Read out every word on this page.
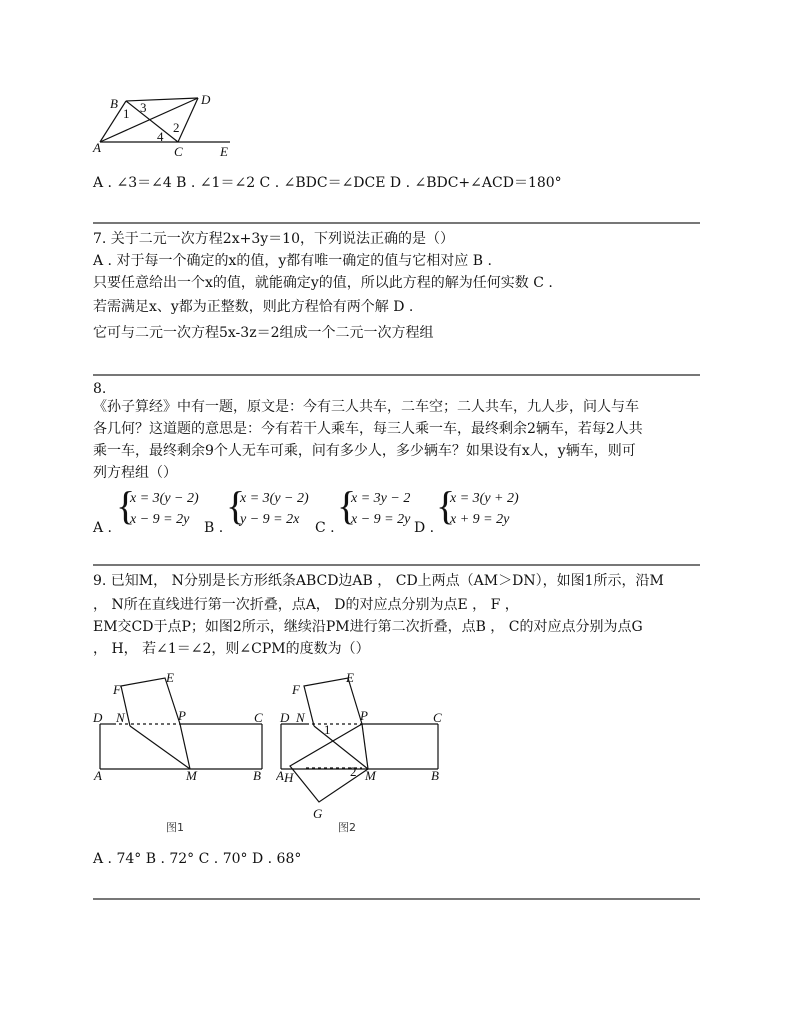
B	D
A	C	E
3
1
2
4
A . ∠3＝∠4 B . ∠1＝∠2 C . ∠BDC＝∠DCE D . ∠BDC+∠ACD＝180°
7. 关于二元一次方程2x+3y＝10，下列说法正确的是（）
A . 对于每一个确定的x的值，y都有唯一确定的值与它相对应 B .
只要任意给出一个x的值，就能确定y的值，所以此方程的解为任何实数 C .
若需满足x、y都为正整数，则此方程恰有两个解 D .
它可与二元一次方程5x-3z＝2组成一个二元一次方程组
8.
《孙子算经》中有一题，原文是：今有三人共车，二车空；二人共车，九人步，问人与车
各几何？这道题的意思是：今有若干人乘车，每三人乘一车，最终剩余2辆车，若每2人共
乘一车，最终剩余9个人无车可乘，问有多少人，多少辆车？如果设有x人，y辆车，则可
列方程组（）
A . {
x = 3(y − 2)
x − 9 = 2y
B . {
x = 3(y − 2)
y − 9 = 2x
C . {
x = 3y − 2
x − 9 = 2y
D . {
x = 3(y + 2)
x + 9 = 2y
9. 已知M， N分别是长方形纸条ABCD边AB ， CD上两点（AM＞DN），如图1所示，沿M
， N所在直线进行第一次折叠，点A， D的对应点分别为点E ， F ，
EM交CD于点P；如图2所示，继续沿PM进行第二次折叠，点B ， C的对应点分别为点G
， H， 若∠1＝∠2，则∠CPM的度数为（）
D N	P	C
F
E
A	M	B
图1
D N	P	C
F
E
A H	M	B
G
1
2
图2
A . 74° B . 72° C . 70° D . 68°
